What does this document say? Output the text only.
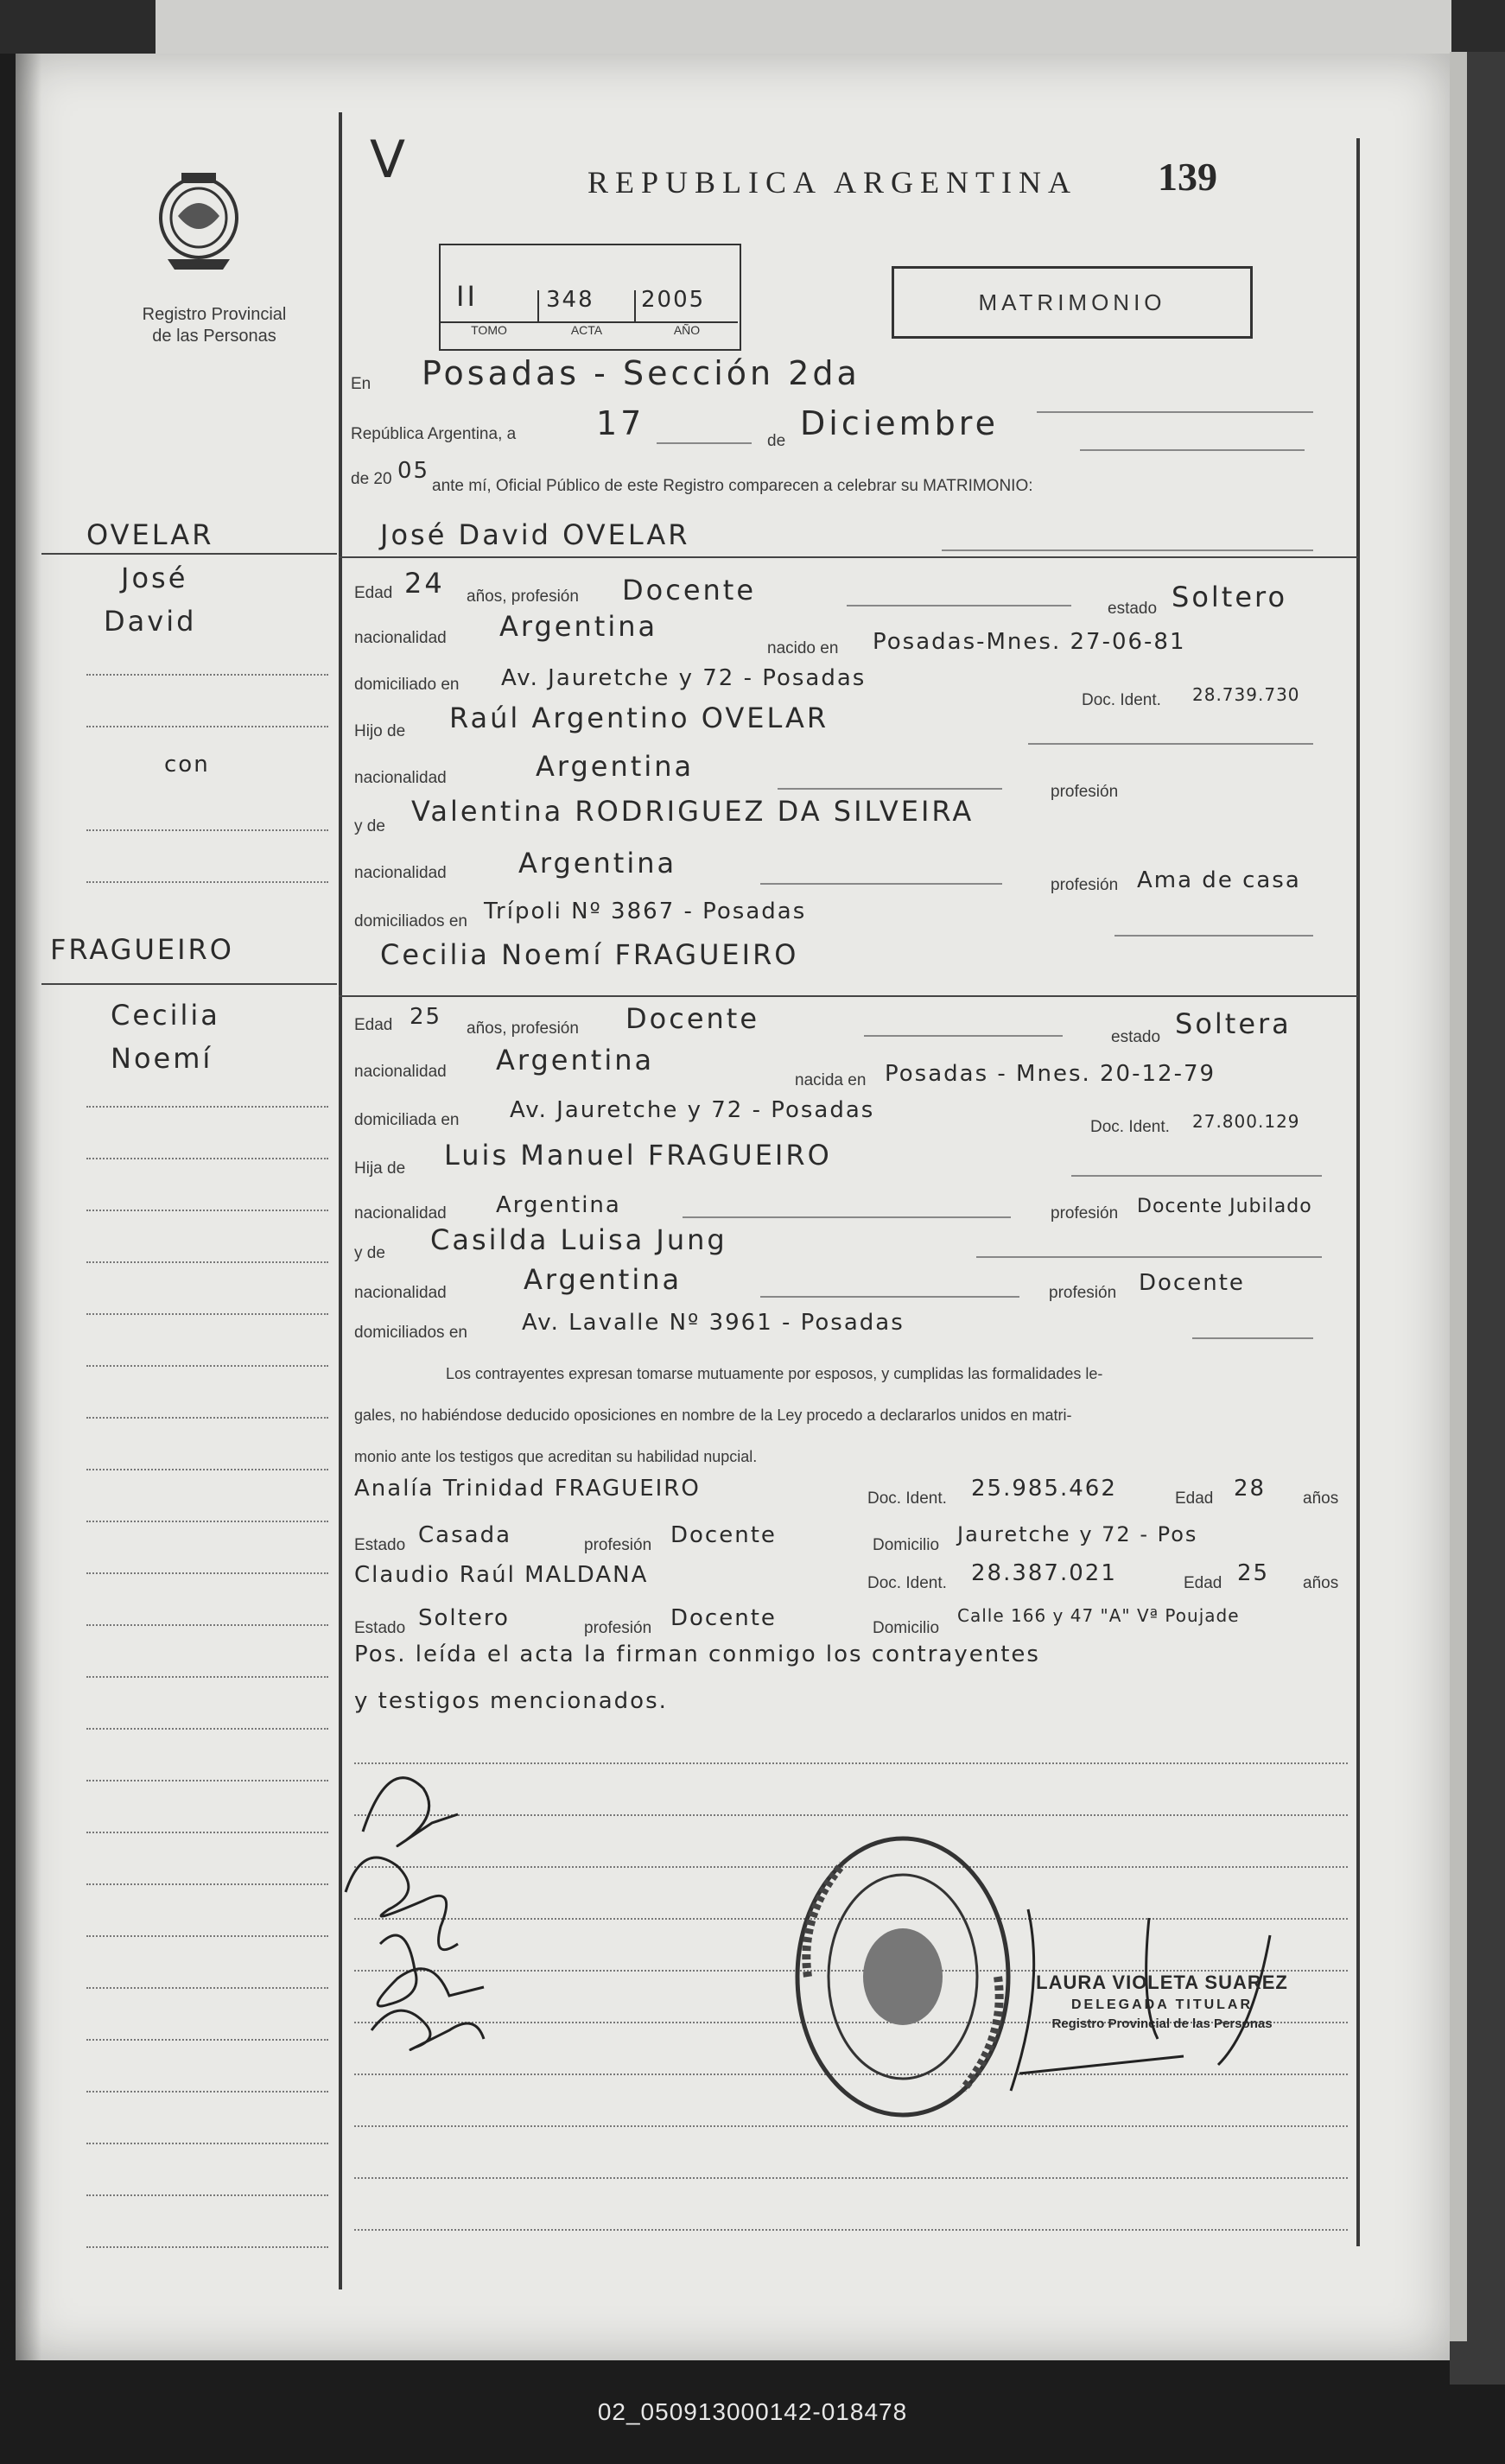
Registro Provincial
de las Personas
V	REPUBLICA ARGENTINA 139
II	348 2005
TOMO	ACTA	AÑO
MATRIMONIO
En Posadas - Sección 2da
República Argentina, a 17	de Diciembre
de 20 05
ante mí, Oficial Público de este Registro comparecen a celebrar su MATRIMONIO:
OVELAR
José
David
con
FRAGUEIRO
Cecilia
Noemí
José David OVELAR
Edad 24 años, profesión Docente
estado Soltero
nacionalidad Argentina
nacido en Posadas-Mnes. 27-06-81
domiciliado en Av. Jauretche y 72 - Posadas
Doc. Ident. 28.739.730
Hijo de Raúl Argentino OVELAR
nacionalidad	Argentina
profesión
y de Valentina RODRIGUEZ DA SILVEIRA
nacionalidad	Argentina
profesión Ama de casa
domiciliados en Trípoli Nº 3867 - Posadas
Cecilia Noemí FRAGUEIRO
Edad 25 años, profesión Docente
estado Soltera
nacionalidad Argentina
nacida en Posadas - Mnes. 20-12-79
domiciliada en Av. Jauretche y 72 - Posadas
Doc. Ident. 27.800.129
Hija de Luis Manuel FRAGUEIRO
nacionalidad Argentina	profesión Docente Jubilado
y de Casilda Luisa Jung
nacionalidad	Argentina	profesión Docente
domiciliados en Av. Lavalle Nº 3961 - Posadas
Los contrayentes expresan tomarse mutuamente por esposos, y cumplidas las formalidades le-
gales, no habiéndose deducido oposiciones en nombre de la Ley procedo a declararlos unidos en matri-
monio ante los testigos que acreditan su habilidad nupcial.
Analía Trinidad FRAGUEIRO	Doc. Ident. 25.985.462	Edad 28 años
Estado Casada	profesión Docente	Domicilio Jauretche y 72 - Pos
Claudio Raúl MALDANA	Doc. Ident. 28.387.021	Edad 25 años
Estado Soltero	profesión Docente	Domicilio
Calle 166 y 47 "A" Vª Poujade
Pos. leída el acta la firman conmigo los contrayentes
y testigos mencionados.
LAURA VIOLETA SUAREZ
DELEGADA TITULAR
Registro Provincial de las Personas
02_050913000142-018478
